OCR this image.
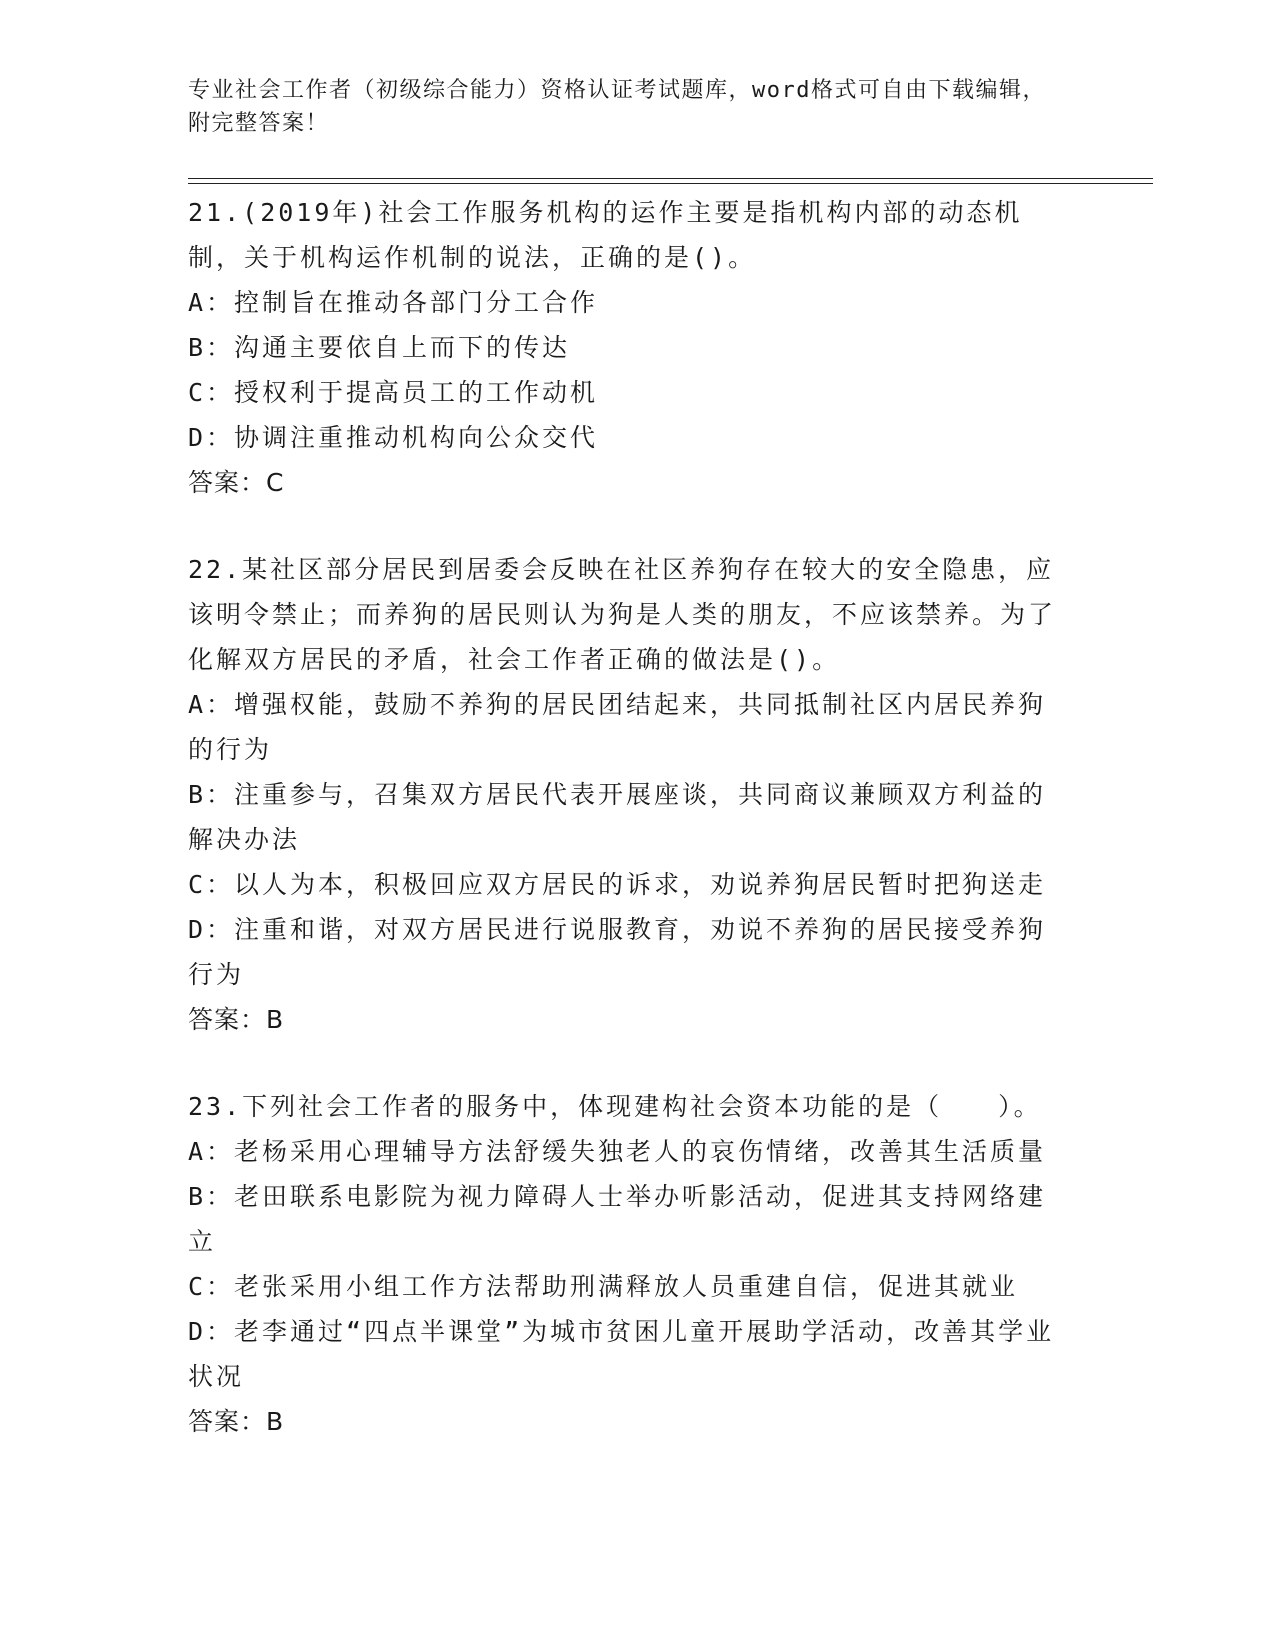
专业社会工作者（初级综合能力）资格认证考试题库，word格式可自由下载编辑，附完整答案！

21.(2019年)社会工作服务机构的运作主要是指机构内部的动态机制，关于机构运作机制的说法，正确的是()。

A：控制旨在推动各部门分工合作

B：沟通主要依自上而下的传达

C：授权利于提高员工的工作动机

D：协调注重推动机构向公众交代

答案：C

22.某社区部分居民到居委会反映在社区养狗存在较大的安全隐患，应该明令禁止；而养狗的居民则认为狗是人类的朋友，不应该禁养。为了化解双方居民的矛盾，社会工作者正确的做法是()。

A：增强权能，鼓励不养狗的居民团结起来，共同抵制社区内居民养狗的行为

B：注重参与，召集双方居民代表开展座谈，共同商议兼顾双方利益的解决办法

C：以人为本，积极回应双方居民的诉求，劝说养狗居民暂时把狗送走

D：注重和谐，对双方居民进行说服教育，劝说不养狗的居民接受养狗行为

答案：B

23.下列社会工作者的服务中，体现建构社会资本功能的是（　　）。

A：老杨采用心理辅导方法舒缓失独老人的哀伤情绪，改善其生活质量

B：老田联系电影院为视力障碍人士举办听影活动，促进其支持网络建立

C：老张采用小组工作方法帮助刑满释放人员重建自信，促进其就业

D：老李通过“四点半课堂”为城市贫困儿童开展助学活动，改善其学业状况

答案：B
